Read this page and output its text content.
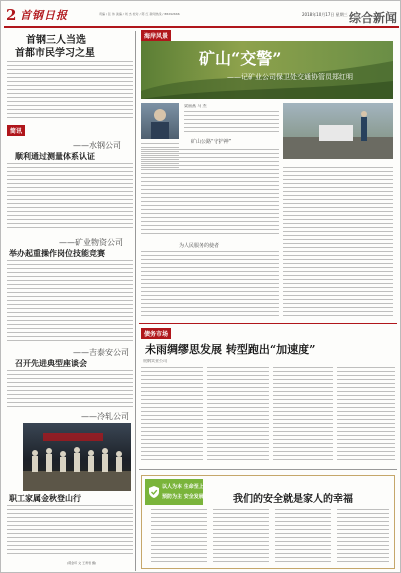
2 首钢日报	责编 / 张 伟 美编 / 刘 杰 校对 / 陈 红 新闻热线 / 88292666	2018年10月17日 星期三 综合新闻
首钢三人当选
首都市民学习之星
简讯
——水钢公司
顺利通过测量体系认证
——矿业物资公司
举办起重操作岗位技能竞赛
——吉泰安公司
召开先进典型座谈会
——冷轧公司
职工家属金秋登山行
(郭金环 文 王青雯 摄)
海岸风景
矿山“交警”
——记矿业公司保卫处交通协管员郑红明
梁丽燕 马 杰
矿山公路“守护神”
为人民服务的使者
债务市场
未雨绸缪思发展 转型跑出“加速度”
贵钢实业公司
以人为本 生命至上
预防为主 安全发展	我们的安全就是家人的幸福
